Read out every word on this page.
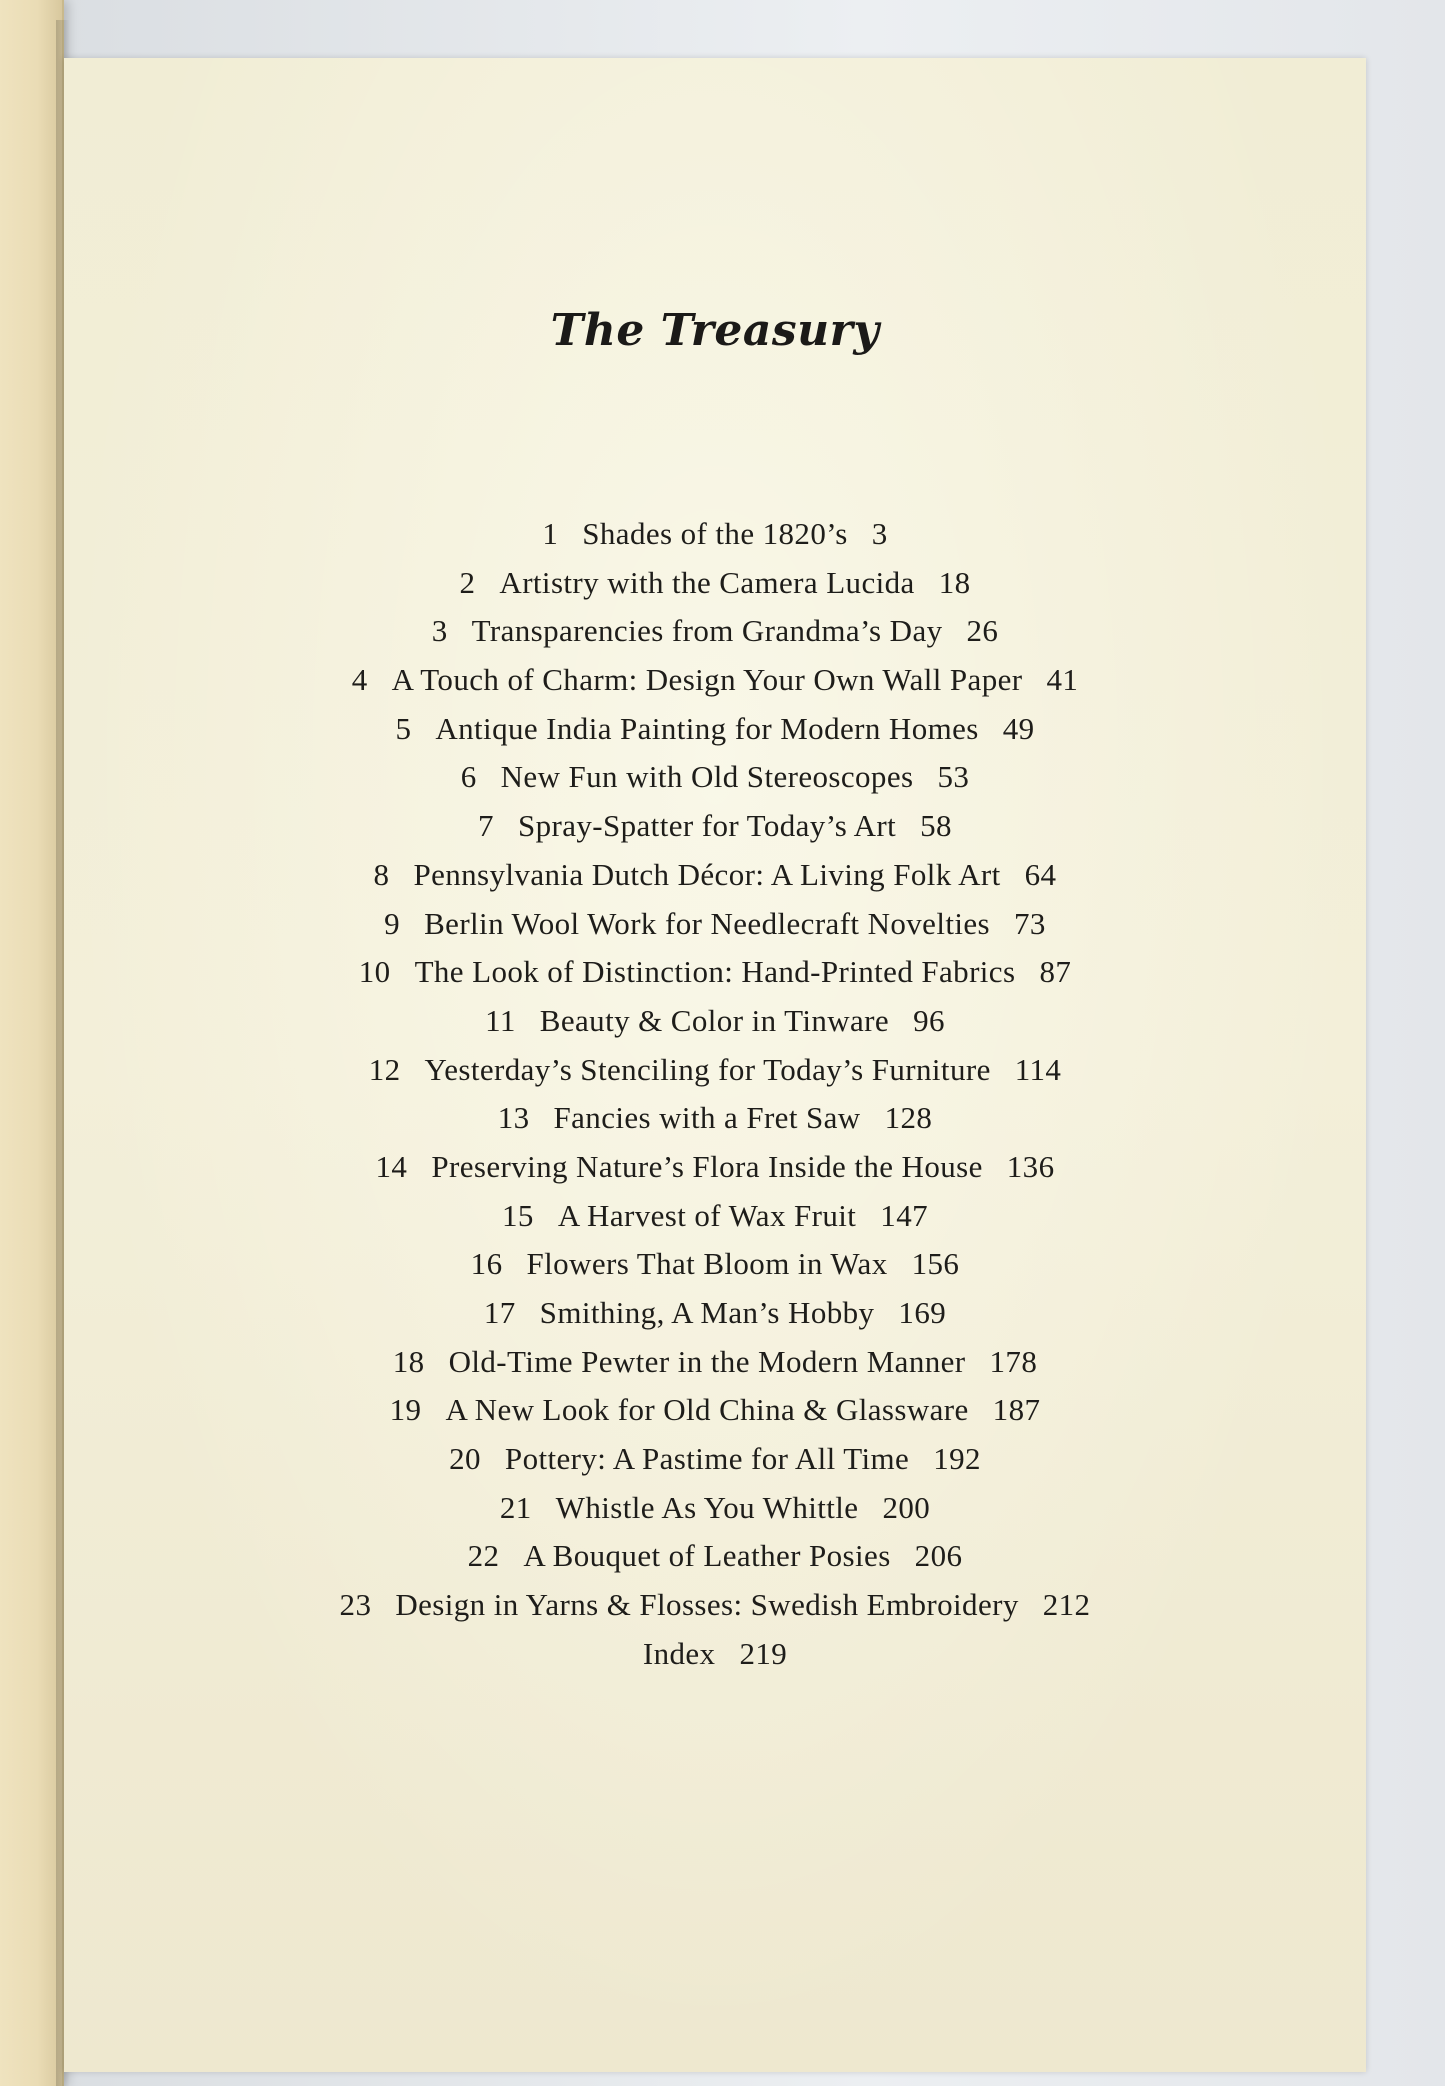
The Treasury
1 Shades of the 1820’s 3
2 Artistry with the Camera Lucida 18
3 Transparencies from Grandma’s Day 26
4 A Touch of Charm: Design Your Own Wall Paper 41
5 Antique India Painting for Modern Homes 49
6 New Fun with Old Stereoscopes 53
7 Spray-Spatter for Today’s Art 58
8 Pennsylvania Dutch Décor: A Living Folk Art 64
9 Berlin Wool Work for Needlecraft Novelties 73
10 The Look of Distinction: Hand-Printed Fabrics 87
11 Beauty & Color in Tinware 96
12 Yesterday’s Stenciling for Today’s Furniture 114
13 Fancies with a Fret Saw 128
14 Preserving Nature’s Flora Inside the House 136
15 A Harvest of Wax Fruit 147
16 Flowers That Bloom in Wax 156
17 Smithing, A Man’s Hobby 169
18 Old-Time Pewter in the Modern Manner 178
19 A New Look for Old China & Glassware 187
20 Pottery: A Pastime for All Time 192
21 Whistle As You Whittle 200
22 A Bouquet of Leather Posies 206
23 Design in Yarns & Flosses: Swedish Embroidery 212
Index 219
